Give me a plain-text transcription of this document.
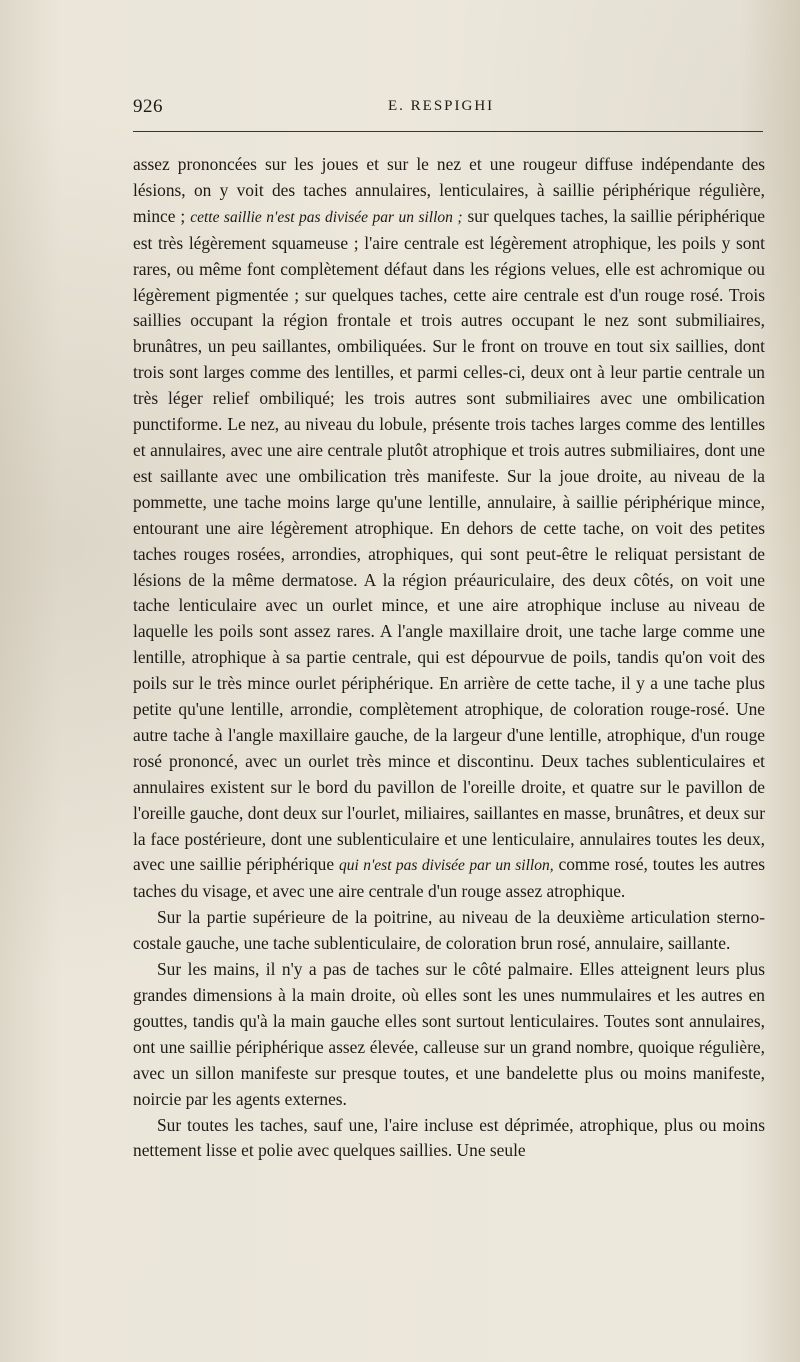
926	E. RESPIGHI

assez prononcées sur les joues et sur le nez et une rougeur diffuse indépendante des lésions, on y voit des taches annulaires, lenticulaires, à saillie périphérique régulière, mince ; cette saillie n'est pas divisée par un sillon ; sur quelques taches, la saillie périphérique est très légèrement squameuse ; l'aire centrale est légèrement atrophique, les poils y sont rares, ou même font complètement défaut dans les régions velues, elle est achromique ou légèrement pigmentée ; sur quelques taches, cette aire centrale est d'un rouge rosé. Trois saillies occupant la région frontale et trois autres occupant le nez sont submiliaires, brunâtres, un peu saillantes, ombiliquées. Sur le front on trouve en tout six saillies, dont trois sont larges comme des lentilles, et parmi celles-ci, deux ont à leur partie centrale un très léger relief ombiliqué; les trois autres sont submiliaires avec une ombilication punctiforme. Le nez, au niveau du lobule, présente trois taches larges comme des lentilles et annulaires, avec une aire centrale plutôt atrophique et trois autres submiliaires, dont une est saillante avec une ombilication très manifeste. Sur la joue droite, au niveau de la pommette, une tache moins large qu'une lentille, annulaire, à saillie périphérique mince, entourant une aire légèrement atrophique. En dehors de cette tache, on voit des petites taches rouges rosées, arrondies, atrophiques, qui sont peut-être le reliquat persistant de lésions de la même dermatose. A la région préauriculaire, des deux côtés, on voit une tache lenticulaire avec un ourlet mince, et une aire atrophique incluse au niveau de laquelle les poils sont assez rares. A l'angle maxillaire droit, une tache large comme une lentille, atrophique à sa partie centrale, qui est dépourvue de poils, tandis qu'on voit des poils sur le très mince ourlet périphérique. En arrière de cette tache, il y a une tache plus petite qu'une lentille, arrondie, complètement atrophique, de coloration rouge-rosé. Une autre tache à l'angle maxillaire gauche, de la largeur d'une lentille, atrophique, d'un rouge rosé prononcé, avec un ourlet très mince et discontinu. Deux taches sublenticulaires et annulaires existent sur le bord du pavillon de l'oreille droite, et quatre sur le pavillon de l'oreille gauche, dont deux sur l'ourlet, miliaires, saillantes en masse, brunâtres, et deux sur la face postérieure, dont une sublenticulaire et une lenticulaire, annulaires toutes les deux, avec une saillie périphérique qui n'est pas divisée par un sillon, comme rosé, toutes les autres taches du visage, et avec une aire centrale d'un rouge assez atrophique.

Sur la partie supérieure de la poitrine, au niveau de la deuxième articulation sterno-costale gauche, une tache sublenticulaire, de coloration brun rosé, annulaire, saillante.

Sur les mains, il n'y a pas de taches sur le côté palmaire. Elles atteignent leurs plus grandes dimensions à la main droite, où elles sont les unes nummulaires et les autres en gouttes, tandis qu'à la main gauche elles sont surtout lenticulaires. Toutes sont annulaires, ont une saillie périphérique assez élevée, calleuse sur un grand nombre, quoique régulière, avec un sillon manifeste sur presque toutes, et une bandelette plus ou moins manifeste, noircie par les agents externes.

Sur toutes les taches, sauf une, l'aire incluse est déprimée, atrophique, plus ou moins nettement lisse et polie avec quelques saillies. Une seule
